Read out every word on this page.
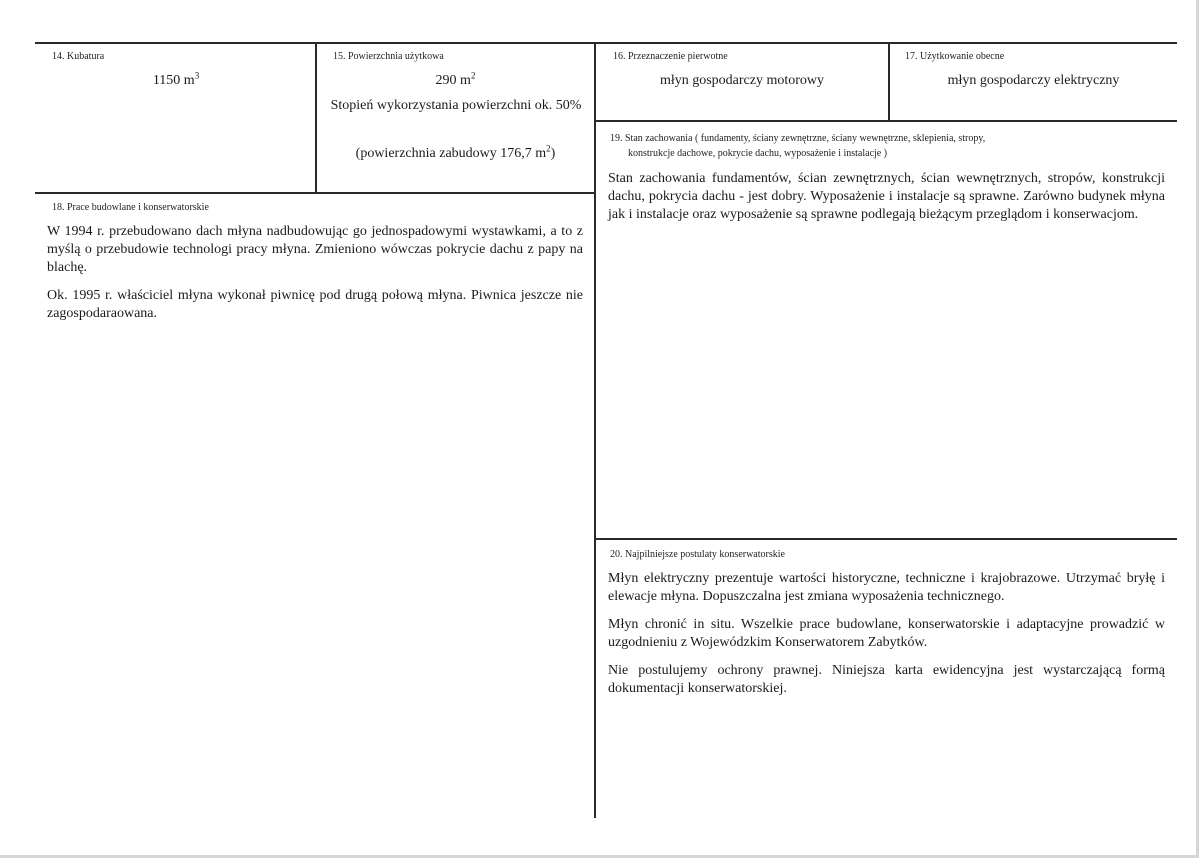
14. Kubatura
1150 $m^3$
15. Powierzchnia użytkowa
290 $m^2$
Stopień wykorzystania powierzchni ok. 50%
(powierzchnia zabudowy 176,7 $m^2$)
16. Przeznaczenie pierwotne
młyn gospodarczy motorowy
17. Użytkowanie obecne
młyn gospodarczy elektryczny
19. Stan zachowania ( fundamenty, ściany zewnętrzne, ściany wewnętrzne, sklepienia, stropy,
konstrukcje dachowe, pokrycie dachu, wyposażenie i instalacje )

Stan zachowania fundamentów, ścian zewnętrznych, ścian wewnętrznych, stropów, konstrukcji dachu, pokrycia dachu - jest dobry. Wyposażenie i instalacje są sprawne. Zarówno budynek młyna jak i instalacje oraz wyposażenie są sprawne podlegają bieżącym przeglądom i konserwacjom.

18. Prace budowlane i konserwatorskie

W 1994 r. przebudowano dach młyna nadbudowując go jednospadowymi wystawkami, a to z myślą o przebudowie technologi pracy młyna. Zmieniono wówczas pokrycie dachu z papy na blachę.

Ok. 1995 r. właściciel młyna wykonał piwnicę pod drugą połową młyna. Piwnica jeszcze nie zagospodaraowana.

20. Najpilniejsze postulaty konserwatorskie

Młyn elektryczny prezentuje wartości historyczne, techniczne i krajobrazowe. Utrzymać bryłę i elewacje młyna. Dopuszczalna jest zmiana wyposażenia technicznego.

Młyn chronić in situ. Wszelkie prace budowlane, konserwatorskie i adaptacyjne prowadzić w uzgodnieniu z Wojewódzkim Konserwatorem Zabytków.

Nie postulujemy ochrony prawnej. Niniejsza karta ewidencyjna jest wystarczającą formą dokumentacji konserwatorskiej.
